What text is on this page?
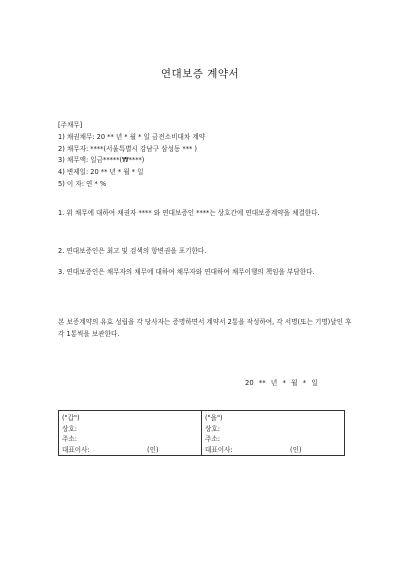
연대보증 계약서
[주채무]
1) 채권채무: 20 ** 년 * 월 * 일 금전소비대차 계약
2) 채무자: ****(서울특별시 강남구 삼성동 *** )
3) 채무액: 일금*****(₩****)
4) 변제일: 20 ** 년 * 월 * 일
5) 이 자: 연 * %
1. 위 채무에 대하여 채권자 **** 와 연대보증인 ****는 상호간에 연대보증계약을 체결한다.
2. 연대보증인은 최고 및 검색의 항변권을 포기한다.
3. 연대보증인은 채무자의 채무에 대하여 채무자와 연대하여 채무이행의 책임을 부담한다.
본 보증계약의 유효 성립을 각 당사자는 증명하면서 계약서 2통을 작성하여, 각 서명(또는 기명)날인 후 각 1통씩을 보관한다.
20 ** 년 * 월 * 일
("갑")
상호:
주소:
대표이사:	(인)
("을")
상호:
주소:
대표이사:	(인)
